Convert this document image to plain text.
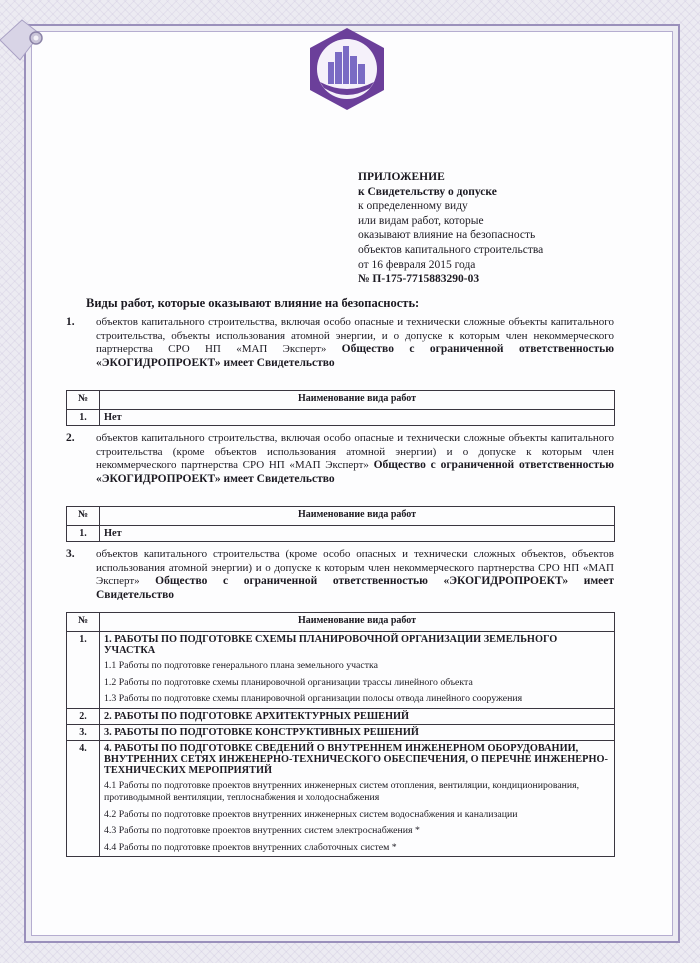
ПРИЛОЖЕНИЕ
к Свидетельству о допуске
к определенному виду
или видам работ, которые
оказывают влияние на безопасность
объектов капитального строительства
от 16 февраля 2015 года
№ П-175-7715883290-03
Виды работ, которые оказывают влияние на безопасность:
1. объектов капитального строительства, включая особо опасные и технически сложные объекты капитального строительства, объекты использования атомной энергии, и о допуске к которым член некоммерческого партнерства СРО НП «МАП Эксперт» Общество с ограниченной ответственностью «ЭКОГИДРОПРОЕКТ» имеет Свидетельство
№	Наименование вида работ
1.	Нет
2. объектов капитального строительства, включая особо опасные и технически сложные объекты капитального строительства (кроме объектов использования атомной энергии) и о допуске к которым член некоммерческого партнерства СРО НП «МАП Эксперт» Общество с ограниченной ответственностью «ЭКОГИДРОПРОЕКТ» имеет Свидетельство
№	Наименование вида работ
1.	Нет
3. объектов капитального строительства (кроме особо опасных и технически сложных объектов, объектов использования атомной энергии) и о допуске к которым член некоммерческого партнерства СРО НП «МАП Эксперт» Общество с ограниченной ответственностью «ЭКОГИДРОПРОЕКТ» имеет Свидетельство
№	Наименование вида работ
1.	1. РАБОТЫ ПО ПОДГОТОВКЕ СХЕМЫ ПЛАНИРОВОЧНОЙ ОРГАНИЗАЦИИ ЗЕМЕЛЬНОГО УЧАСТКА
1.1 Работы по подготовке генерального плана земельного участка
1.2 Работы по подготовке схемы планировочной организации трассы линейного объекта
1.3 Работы по подготовке схемы планировочной организации полосы отвода линейного сооружения

2.	2. РАБОТЫ ПО ПОДГОТОВКЕ АРХИТЕКТУРНЫХ РЕШЕНИЙ
3.	3. РАБОТЫ ПО ПОДГОТОВКЕ КОНСТРУКТИВНЫХ РЕШЕНИЙ
4.	4. РАБОТЫ ПО ПОДГОТОВКЕ СВЕДЕНИЙ О ВНУТРЕННЕМ ИНЖЕНЕРНОМ ОБОРУДОВАНИИ, ВНУТРЕННИХ СЕТЯХ ИНЖЕНЕРНО-ТЕХНИЧЕСКОГО ОБЕСПЕЧЕНИЯ, О ПЕРЕЧНЕ ИНЖЕНЕРНО-ТЕХНИЧЕСКИХ МЕРОПРИЯТИЙ
4.1 Работы по подготовке проектов внутренних инженерных систем отопления, вентиляции, кондиционирования, противодымной вентиляции, теплоснабжения и холодоснабжения
4.2 Работы по подготовке проектов внутренних инженерных систем водоснабжения и канализации
4.3 Работы по подготовке проектов внутренних систем электроснабжения *
4.4 Работы по подготовке проектов внутренних слаботочных систем *
